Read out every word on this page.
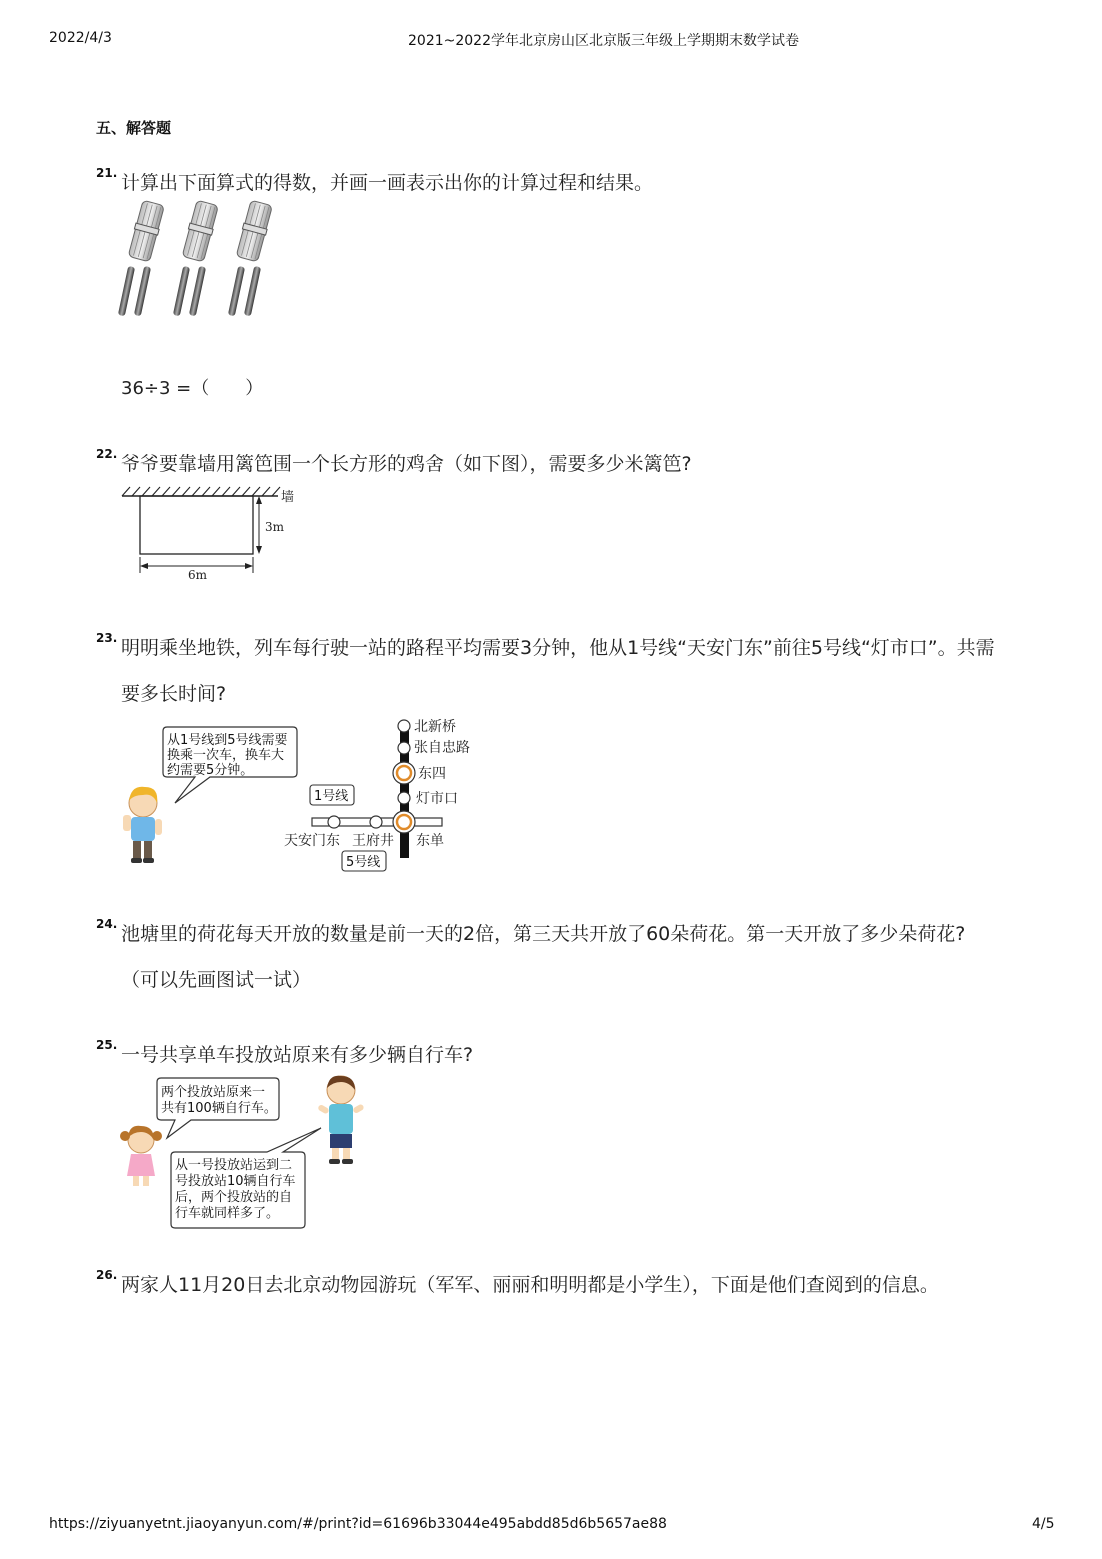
2022/4/3	2021~2022学年北京房山区北京版三年级上学期期末数学试卷
五、解答题
21. 计算出下面算式的得数，并画一画表示出你的计算过程和结果。
36÷3 =（　　）
22. 爷爷要靠墙用篱笆围一个长方形的鸡舍（如下图），需要多少米篱笆?
墙
3m
6m
23. 明明乘坐地铁，列车每行驶一站的路程平均需要3分钟，他从1号线“天安门东”前往5号线“灯市口”。共需
要多长时间?
从1号线到5号线需要
换乘一次车，换车大
约需要5分钟。
1号线
5号线
北新桥
张自忠路
东四
灯市口
天安门东 王府井 东单
24. 池塘里的荷花每天开放的数量是前一天的2倍，第三天共开放了60朵荷花。第一天开放了多少朵荷花?
（可以先画图试一试）
25. 一号共享单车投放站原来有多少辆自行车?
两个投放站原来一
共有100辆自行车。
从一号投放站运到二
号投放站10辆自行车
后，两个投放站的自
行车就同样多了。
26. 两家人11月20日去北京动物园游玩（军军、丽丽和明明都是小学生），下面是他们查阅到的信息。
https://ziyuanyetnt.jiaoyanyun.com/#/print?id=61696b33044e495abdd85d6b5657ae88	4/5
